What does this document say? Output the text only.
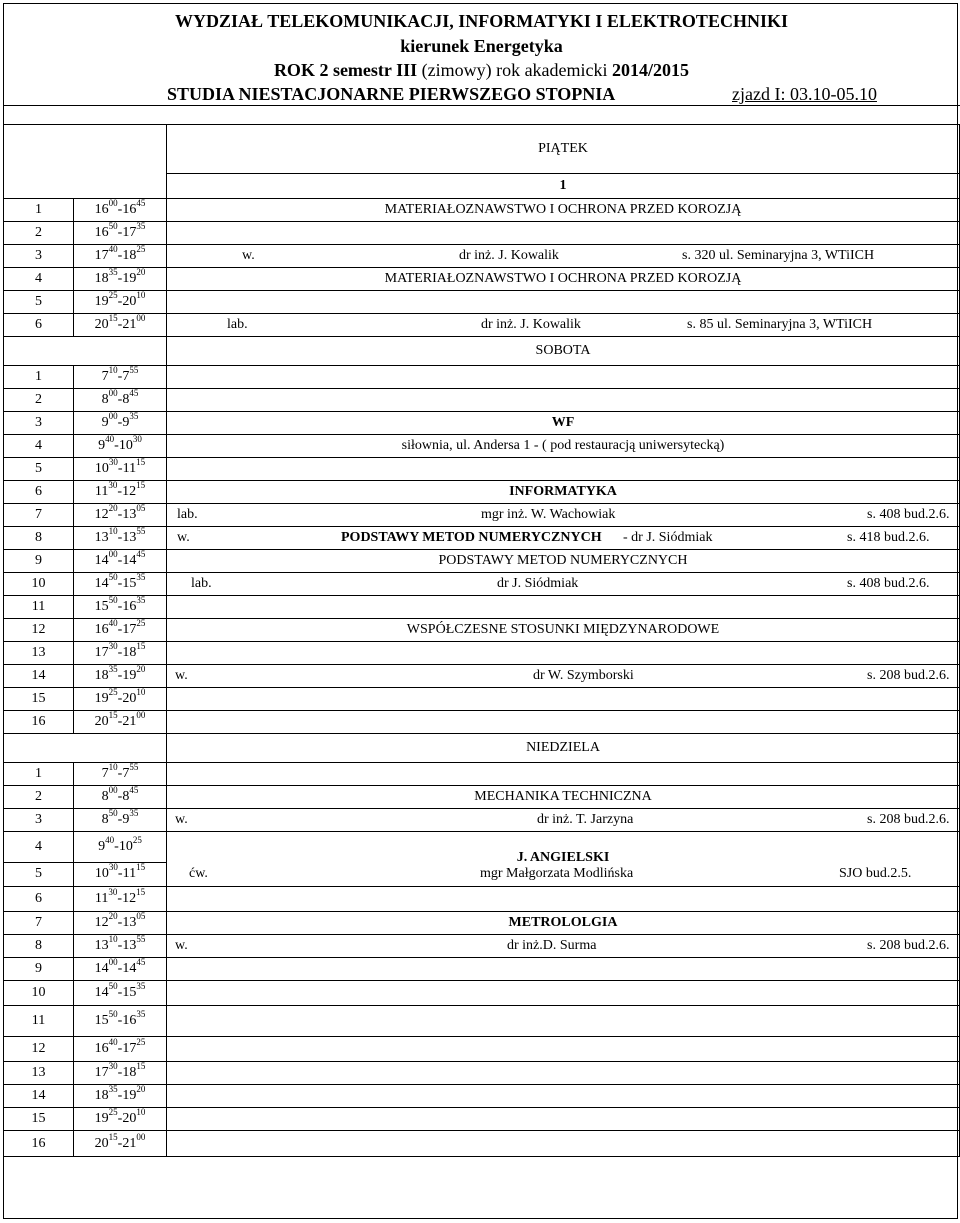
WYDZIAŁ TELEKOMUNIKACJI, INFORMATYKI I ELEKTROTECHNIKI
kierunek Energetyka
ROK 2 semestr III (zimowy) rok akademicki 2014/2015
STUDIA NIESTACJONARNE PIERWSZEGO STOPNIA	zjazd I: 03.10-05.10

		PIĄTEK
		1
1	$16^{00}-16^{45}$	MATERIAŁOZNAWSTWO I OCHRONA PRZED KOROZJĄ

2	$16^{50}-17^{35}$	
3	$17^{40}-18^{25}$	w. dr inż. J. Kowalik s. 320 ul. Seminaryjna 3, WTiICH

4	$18^{35}-19^{20}$	MATERIAŁOZNAWSTWO I OCHRONA PRZED KOROZJĄ

5	$19^{25}-20^{10}$	
6	$20^{15}-21^{00}$	lab. dr inż. J. Kowalik s. 85 ul. Seminaryjna 3, WTiICH

		SOBOTA
1	$7^{10}-7^{55}$	
2	$8^{00}-8^{45}$	
3	$9^{00}-9^{35}$	WF

4	$9^{40}-10^{30}$	siłownia, ul. Andersa 1 - ( pod restauracją uniwersytecką)

5	$10^{30}-11^{15}$	
6	$11^{30}-12^{15}$	INFORMATYKA

7	$12^{20}-13^{05}$	lab. mgr inż. W. Wachowiak s. 408 bud.2.6.

8	$13^{10}-13^{55}$	w. PODSTAWY METOD NUMERYCZNYCH - dr J. Siódmiak s. 418 bud.2.6.

9	$14^{00}-14^{45}$	PODSTAWY METOD NUMERYCZNYCH

10	$14^{50}-15^{35}$	lab. dr J. Siódmiak s. 408 bud.2.6.

11	$15^{50}-16^{35}$	
12	$16^{40}-17^{25}$	WSPÓŁCZESNE STOSUNKI MIĘDZYNARODOWE

13	$17^{30}-18^{15}$	
14	$18^{35}-19^{20}$	w. dr W. Szymborski s. 208 bud.2.6.

15	$19^{25}-20^{10}$	
16	$20^{15}-21^{00}$	
		NIEDZIELA
1	$7^{10}-7^{55}$	
2	$8^{00}-8^{45}$	MECHANIKA TECHNICZNA

3	$8^{50}-9^{35}$	w. dr inż. T. Jarzyna s. 208 bud.2.6.

4	$9^{40}-10^{25}$	
5	$10^{30}-11^{15}$	J. ANGIELSKI
ćw. mgr Małgorzata Modlińska SJO bud.2.5.

6	$11^{30}-12^{15}$	
7	$12^{20}-13^{05}$	METROLOLGIA

8	$13^{10}-13^{55}$	w. dr inż.D. Surma s. 208 bud.2.6.

9	$14^{00}-14^{45}$	
10	$14^{50}-15^{35}$	
11	$15^{50}-16^{35}$	
12	$16^{40}-17^{25}$	
13	$17^{30}-18^{15}$	
14	$18^{35}-19^{20}$	
15	$19^{25}-20^{10}$	
16	$20^{15}-21^{00}$	
